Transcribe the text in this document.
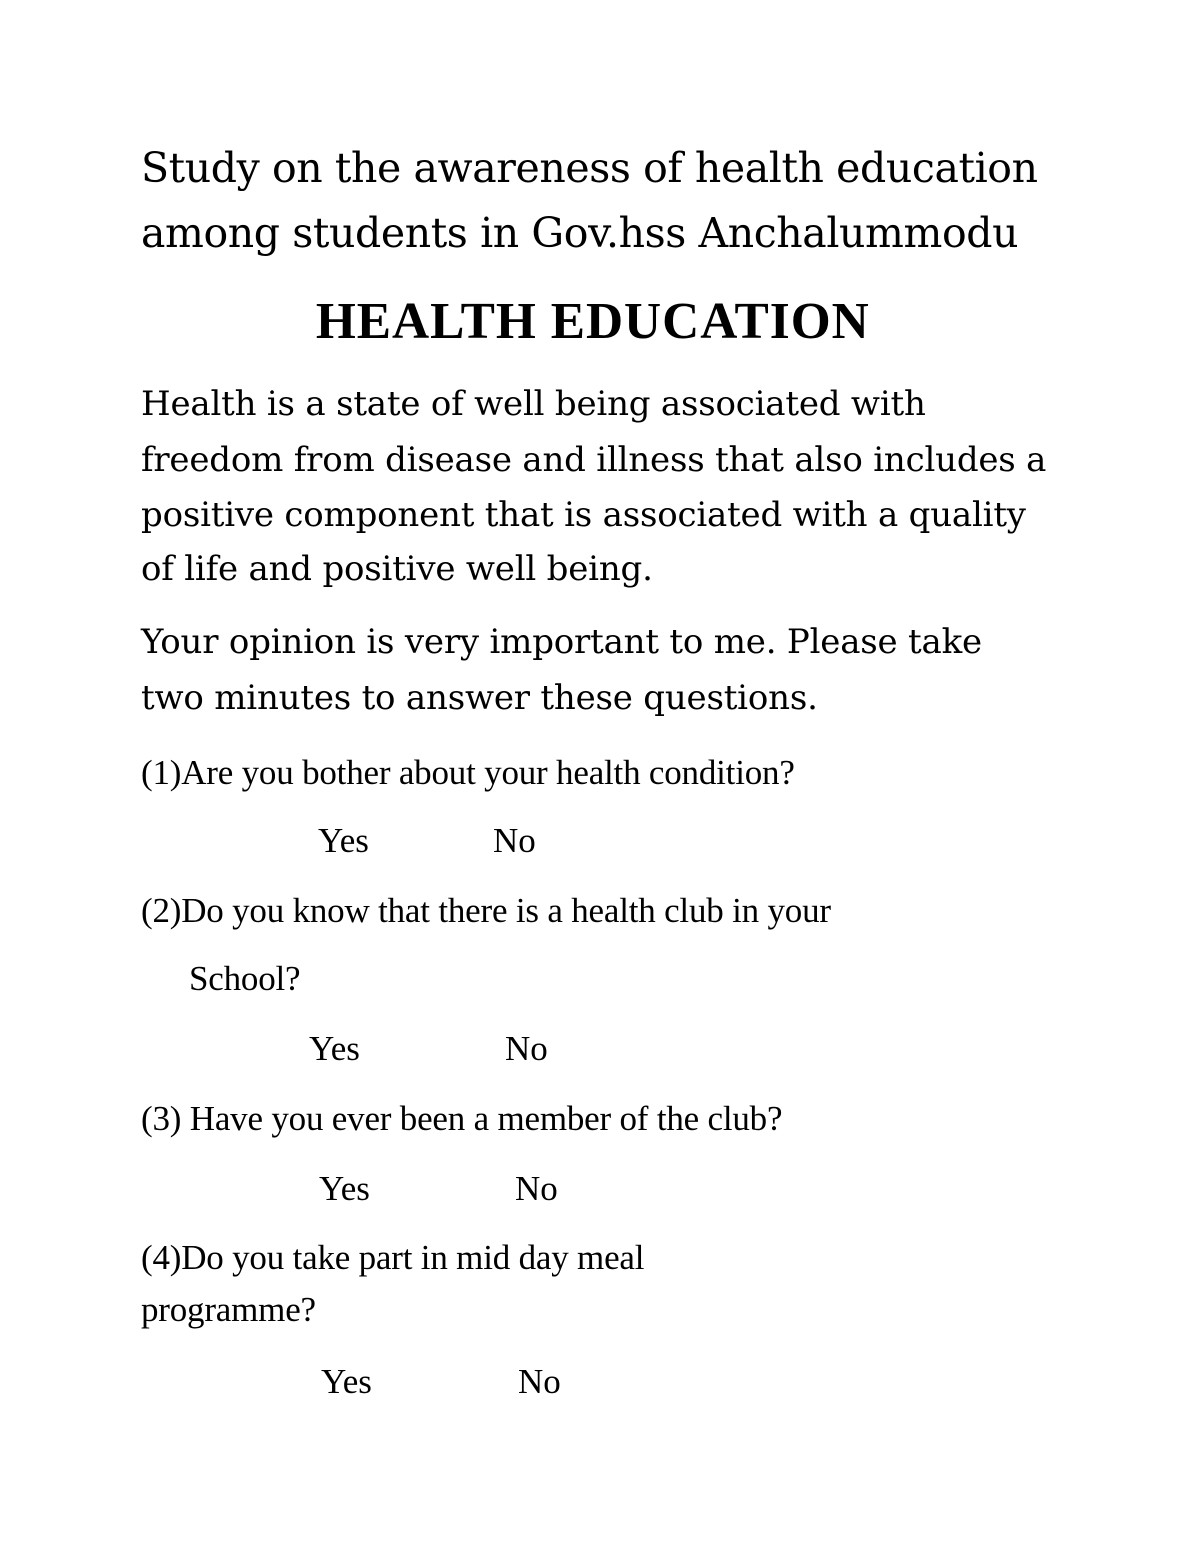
Study on the awareness of health education

among students in Gov.hss Anchalummodu

HEALTH EDUCATION

Health is a state of well being associated with

freedom from disease and illness that also includes a

positive component that is associated with a quality

of life and positive well being.

Your opinion is very important to me. Please take

two minutes to answer these questions.

(1)Are you bother about your health condition?

Yes	No

(2)Do you know that there is a health club in your

School?

Yes	No

(3) Have you ever been a member of the club?

Yes	No

(4)Do you take part in mid day meal

programme?

Yes	No
